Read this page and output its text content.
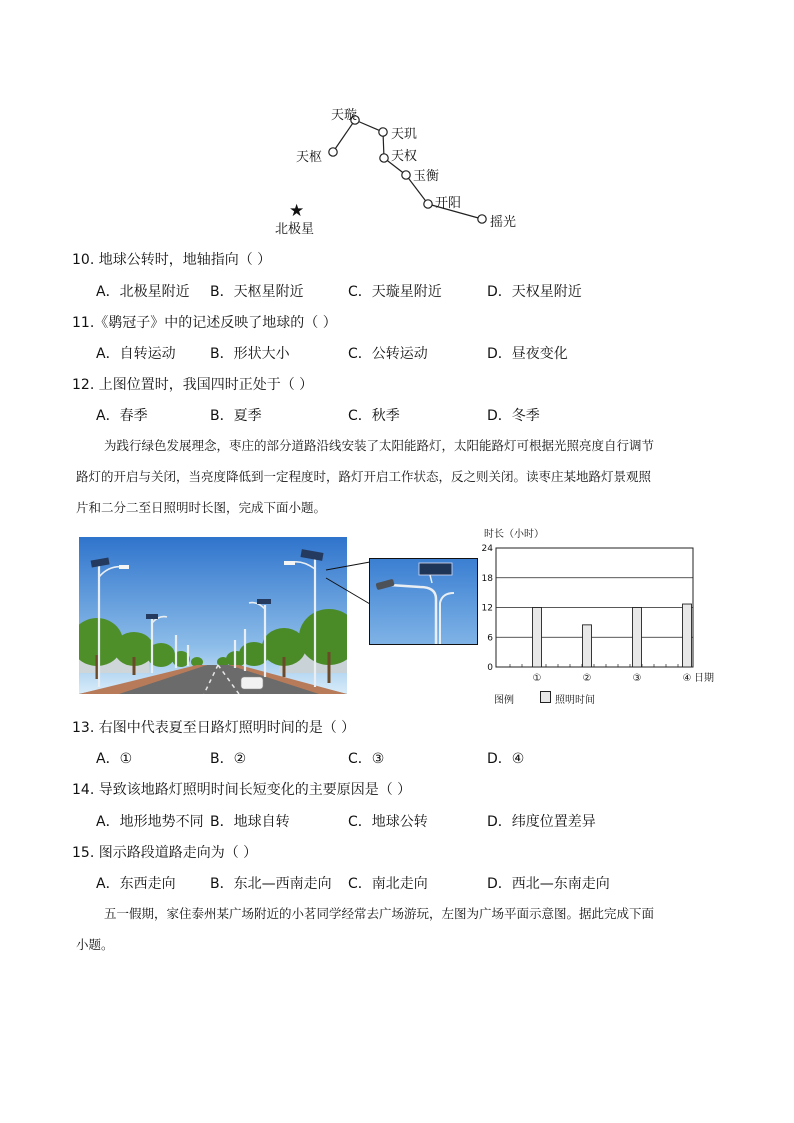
★
天璇
天玑
天枢	天权
玉衡
开阳
摇光
北极星
10. 地球公转时，地轴指向（ ）
A．北极星附近 B．天枢星附近	C．天璇星附近	D．天权星附近
11.《鹖冠子》中的记述反映了地球的（ ）
A．自转运动 B．形状大小	C．公转运动	D．昼夜变化
12. 上图位置时，我国四时正处于（ ）
A．春季	B．夏季	C．秋季	D．冬季
为践行绿色发展理念，枣庄的部分道路沿线安装了太阳能路灯，太阳能路灯可根据光照亮度自行调节
路灯的开启与关闭，当亮度降低到一定程度时，路灯开启工作状态，反之则关闭。读枣庄某地路灯景观照
片和二分二至日照明时长图，完成下面小题。
时长（小时）
0
6
12
18
24
①	②	③	④ 日期
图例	照明时间
13. 右图中代表夏至日路灯照明时间的是（ ）
A．①	B．②	C．③	D．④
14. 导致该地路灯照明时间长短变化的主要原因是（ ）
A．地形地势不同 B．地球自转	C．地球公转	D．纬度位置差异
15. 图示路段道路走向为（ ）
A．东西走向 B．东北—西南走向 C．南北走向	D．西北—东南走向
五一假期，家住泰州某广场附近的小茗同学经常去广场游玩，左图为广场平面示意图。据此完成下面
小题。
